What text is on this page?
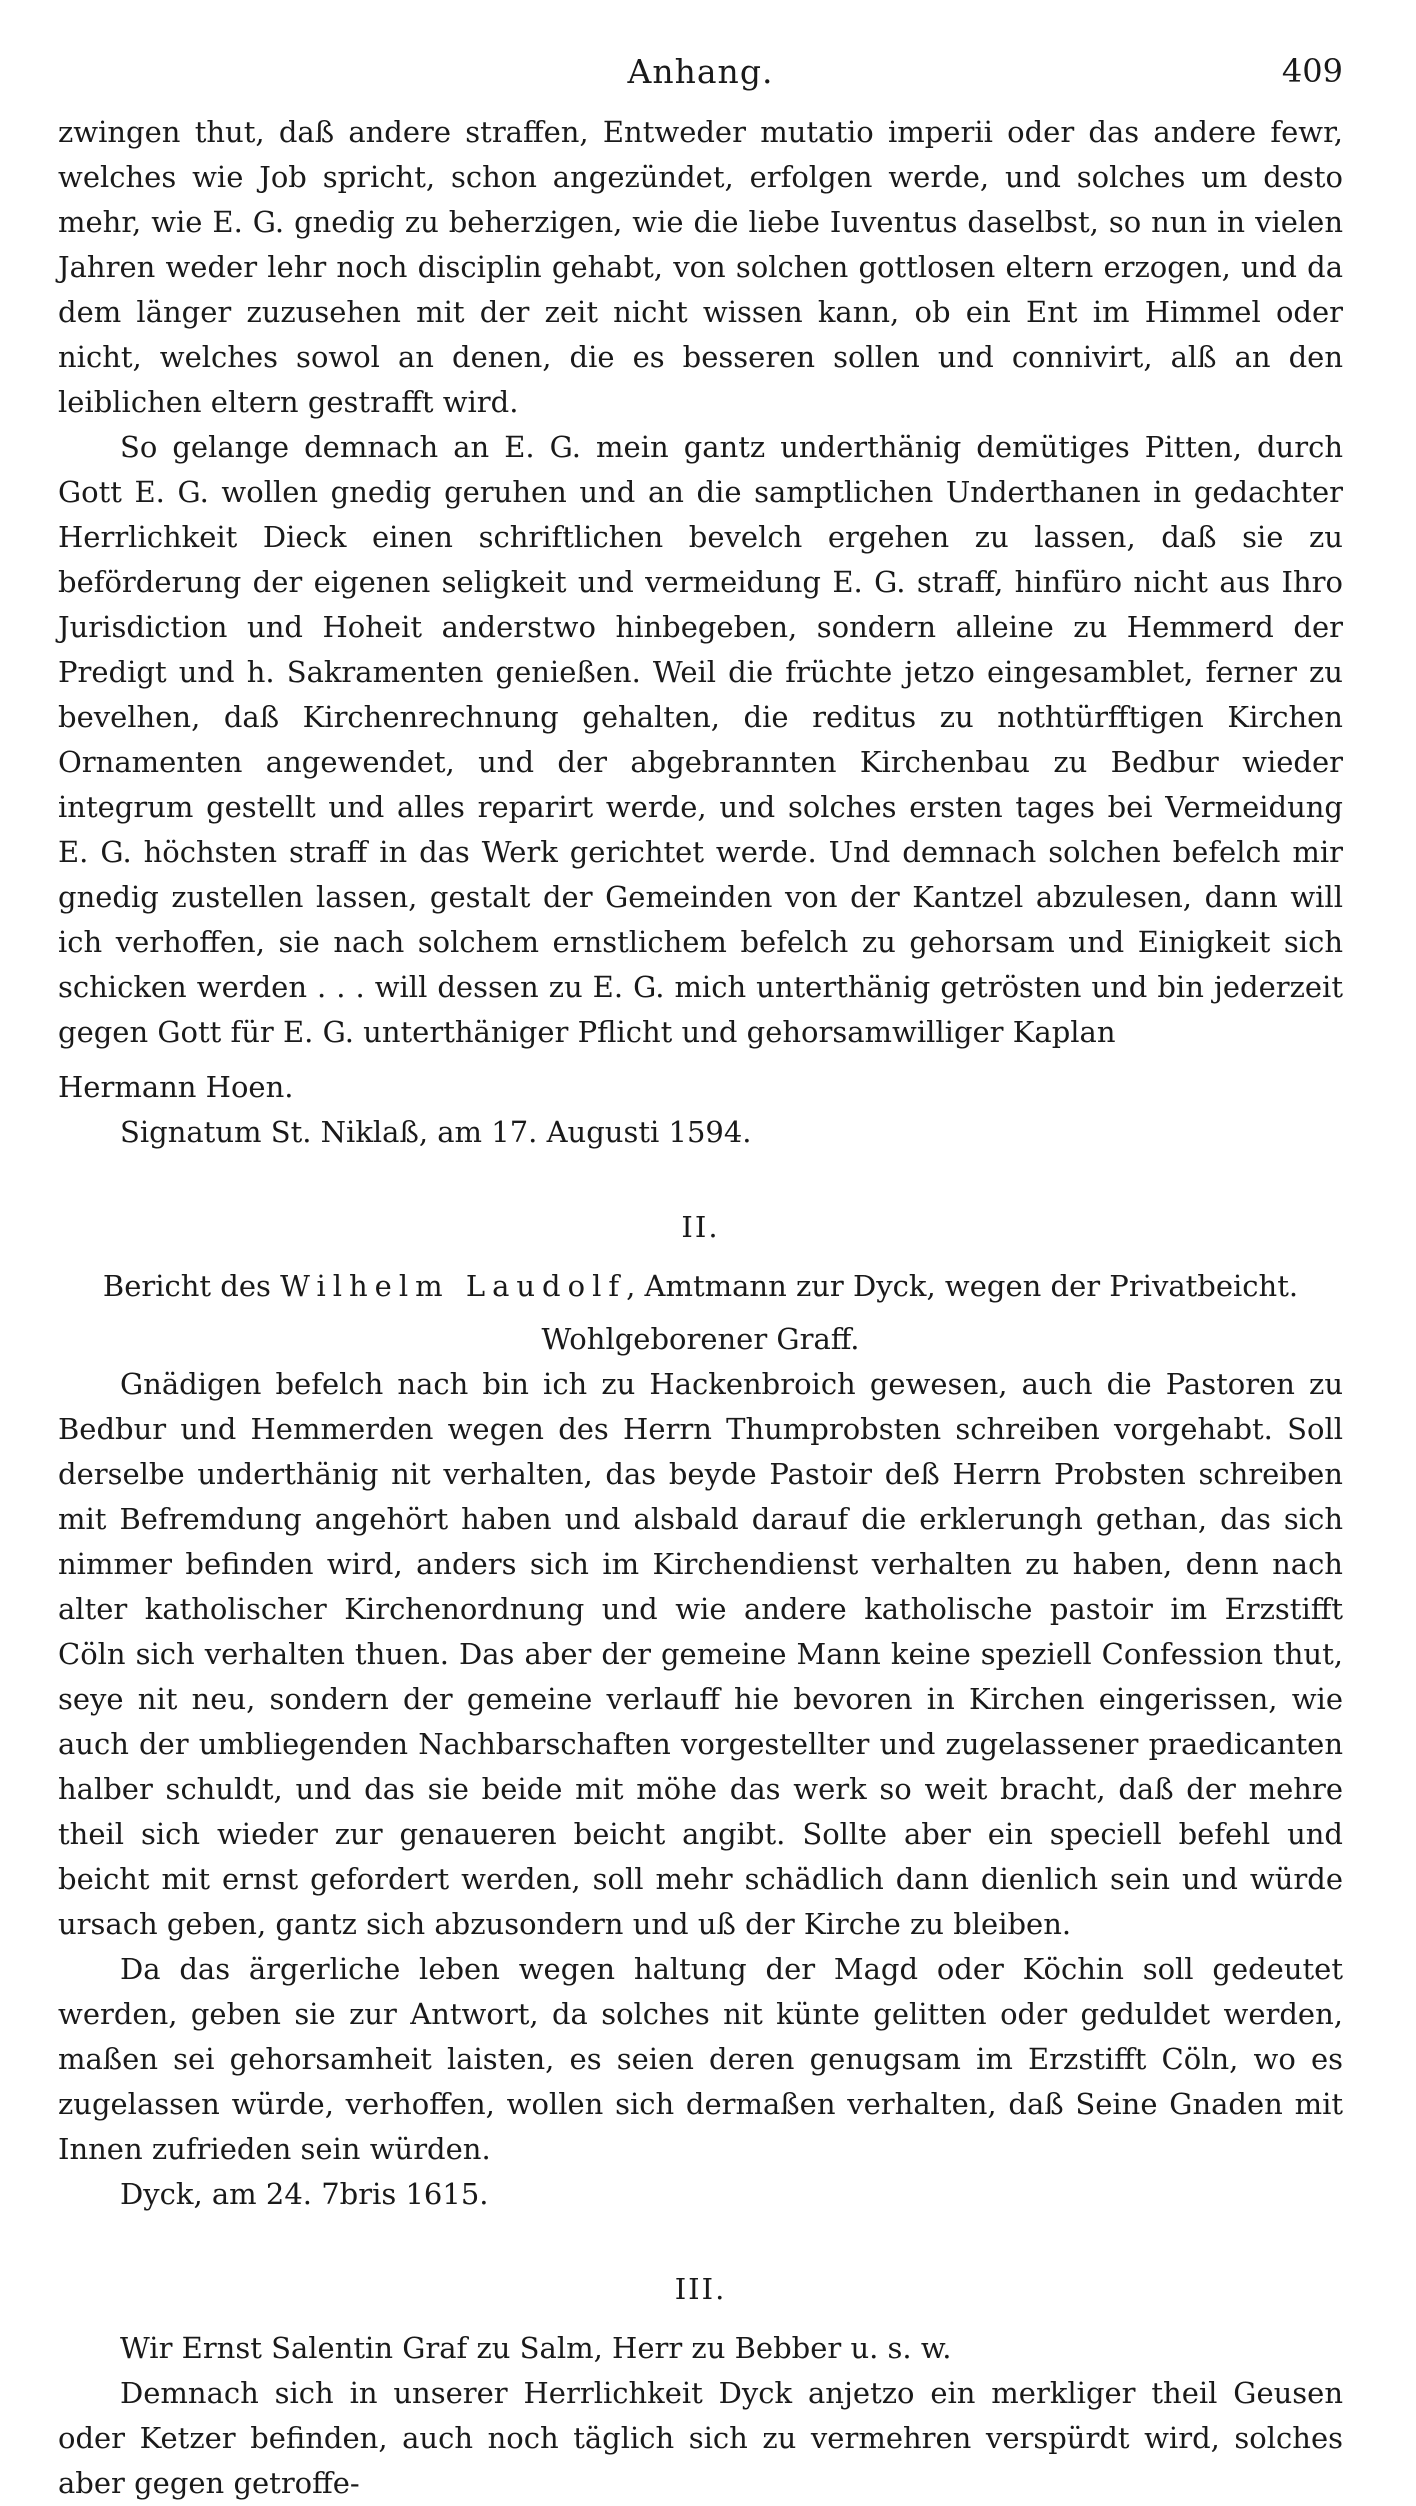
Anhang.	409

zwingen thut, daß andere straffen, Entweder mutatio imperii oder das andere fewr, welches wie Job spricht, schon angezündet, erfolgen werde, und solches um desto mehr, wie E. G. gnedig zu beherzigen, wie die liebe Iuventus daselbst, so nun in vielen Jahren weder lehr noch disciplin gehabt, von solchen gottlosen eltern erzogen, und da dem länger zuzusehen mit der zeit nicht wissen kann, ob ein Ent im Himmel oder nicht, welches sowol an denen, die es besseren sollen und connivirt, alß an den leiblichen eltern gestrafft wird.

So gelange demnach an E. G. mein gantz underthänig demütiges Pitten, durch Gott E. G. wollen gnedig geruhen und an die samptlichen Underthanen in gedachter Herrlichkeit Dieck einen schriftlichen bevelch ergehen zu lassen, daß sie zu beförderung der eigenen seligkeit und vermeidung E. G. straff, hinfüro nicht aus Ihro Jurisdiction und Hoheit anderstwo hinbegeben, sondern alleine zu Hemmerd der Predigt und h. Sakramenten genießen. Weil die früchte jetzo eingesamblet, ferner zu bevelhen, daß Kirchenrechnung gehalten, die reditus zu nothtürfftigen Kirchen Ornamenten angewendet, und der abgebrannten Kirchenbau zu Bedbur wieder integrum gestellt und alles reparirt werde, und solches ersten tages bei Vermeidung E. G. höchsten straff in das Werk gerichtet werde. Und demnach solchen befelch mir gnedig zustellen lassen, gestalt der Gemeinden von der Kantzel abzulesen, dann will ich verhoffen, sie nach solchem ernstlichem befelch zu gehorsam und Einigkeit sich schicken werden . . . will dessen zu E. G. mich unterthänig getrösten und bin jederzeit gegen Gott für E. G. unterthäniger Pflicht und gehorsamwilliger Kaplan

Hermann Hoen.

Signatum St. Niklaß, am 17. Augusti 1594.

II.
Bericht des Wilhelm Laudolf, Amtmann zur Dyck, wegen der Privatbeicht.
Wohlgeborener Graff.

Gnädigen befelch nach bin ich zu Hackenbroich gewesen, auch die Pastoren zu Bedbur und Hemmerden wegen des Herrn Thumprobsten schreiben vorgehabt. Soll derselbe underthänig nit verhalten, das beyde Pastoir deß Herrn Probsten schreiben mit Befremdung angehört haben und alsbald darauf die erklerungh gethan, das sich nimmer befinden wird, anders sich im Kirchendienst verhalten zu haben, denn nach alter katholischer Kirchenordnung und wie andere katholische pastoir im Erzstifft Cöln sich verhalten thuen. Das aber der gemeine Mann keine speziell Confession thut, seye nit neu, sondern der gemeine verlauff hie bevoren in Kirchen eingerissen, wie auch der umbliegenden Nachbarschaften vorgestellter und zugelassener praedicanten halber schuldt, und das sie beide mit möhe das werk so weit bracht, daß der mehre theil sich wieder zur genaueren beicht angibt. Sollte aber ein speciell befehl und beicht mit ernst gefordert werden, soll mehr schädlich dann dienlich sein und würde ursach geben, gantz sich abzusondern und uß der Kirche zu bleiben.

Da das ärgerliche leben wegen haltung der Magd oder Köchin soll gedeutet werden, geben sie zur Antwort, da solches nit künte gelitten oder geduldet werden, maßen sei gehorsamheit laisten, es seien deren genugsam im Erzstifft Cöln, wo es zugelassen würde, verhoffen, wollen sich dermaßen verhalten, daß Seine Gnaden mit Innen zufrieden sein würden.

Dyck, am 24. 7bris 1615.

III.

Wir Ernst Salentin Graf zu Salm, Herr zu Bebber u. s. w.

Demnach sich in unserer Herrlichkeit Dyck anjetzo ein merkliger theil Geusen oder Ketzer befinden, auch noch täglich sich zu vermehren verspürdt wird, solches aber gegen getroffe-
